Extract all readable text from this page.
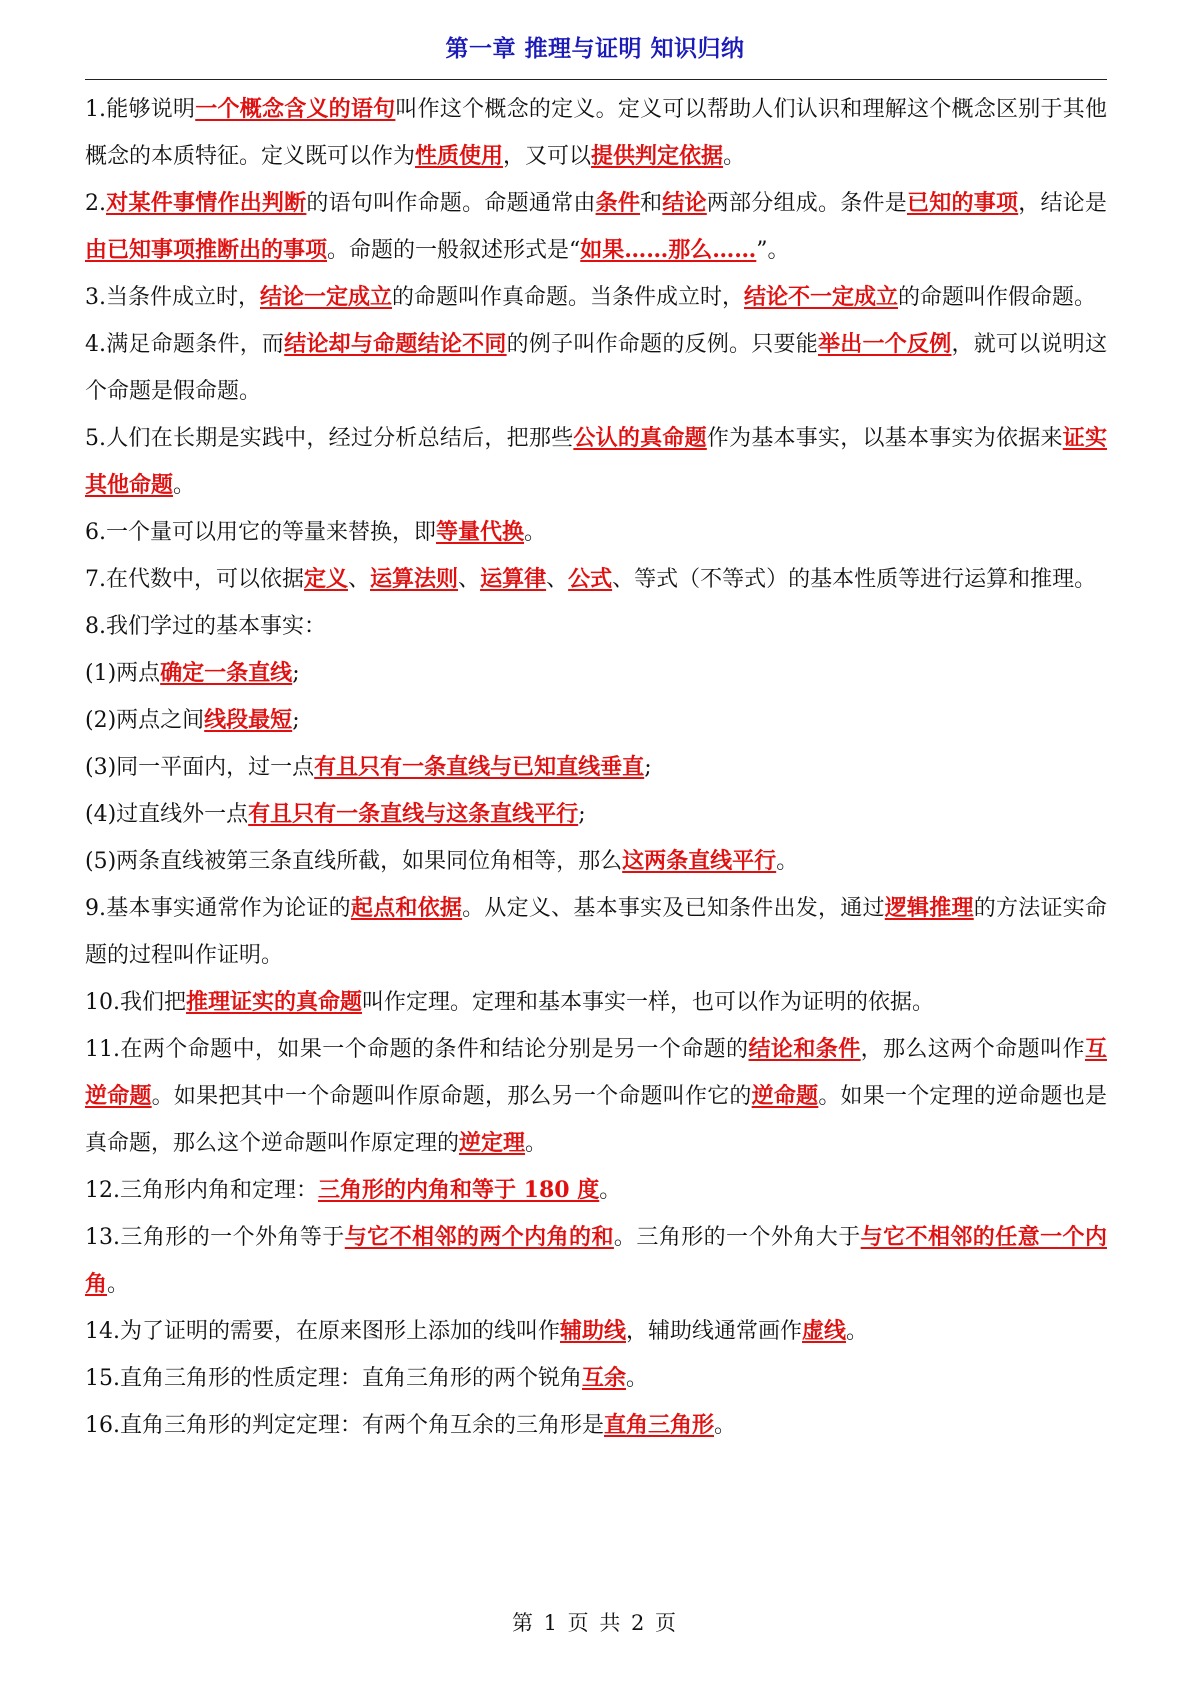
第一章 推理与证明 知识归纳

1.能够说明一个概念含义的语句叫作这个概念的定义。定义可以帮助人们认识和理解这个概念区别于其他概念的本质特征。定义既可以作为性质使用，又可以提供判定依据。

2.对某件事情作出判断的语句叫作命题。命题通常由条件和结论两部分组成。条件是已知的事项，结论是由已知事项推断出的事项。命题的一般叙述形式是“如果……那么……”。

3.当条件成立时，结论一定成立的命题叫作真命题。当条件成立时，结论不一定成立的命题叫作假命题。

4.满足命题条件，而结论却与命题结论不同的例子叫作命题的反例。只要能举出一个反例，就可以说明这个命题是假命题。

5.人们在长期是实践中，经过分析总结后，把那些公认的真命题作为基本事实，以基本事实为依据来证实其他命题。

6.一个量可以用它的等量来替换，即等量代换。

7.在代数中，可以依据定义、运算法则、运算律、公式、等式（不等式）的基本性质等进行运算和推理。

8.我们学过的基本事实：

(1)两点确定一条直线;

(2)两点之间线段最短;

(3)同一平面内，过一点有且只有一条直线与已知直线垂直;

(4)过直线外一点有且只有一条直线与这条直线平行;

(5)两条直线被第三条直线所截，如果同位角相等，那么这两条直线平行。

9.基本事实通常作为论证的起点和依据。从定义、基本事实及已知条件出发，通过逻辑推理的方法证实命题的过程叫作证明。

10.我们把推理证实的真命题叫作定理。定理和基本事实一样，也可以作为证明的依据。

11.在两个命题中，如果一个命题的条件和结论分别是另一个命题的结论和条件，那么这两个命题叫作互逆命题。如果把其中一个命题叫作原命题，那么另一个命题叫作它的逆命题。如果一个定理的逆命题也是真命题，那么这个逆命题叫作原定理的逆定理。

12.三角形内角和定理：三角形的内角和等于 180 度。

13.三角形的一个外角等于与它不相邻的两个内角的和。三角形的一个外角大于与它不相邻的任意一个内角。

14.为了证明的需要，在原来图形上添加的线叫作辅助线，辅助线通常画作虚线。

15.直角三角形的性质定理：直角三角形的两个锐角互余。

16.直角三角形的判定定理：有两个角互余的三角形是直角三角形。

第 1 页 共 2 页
